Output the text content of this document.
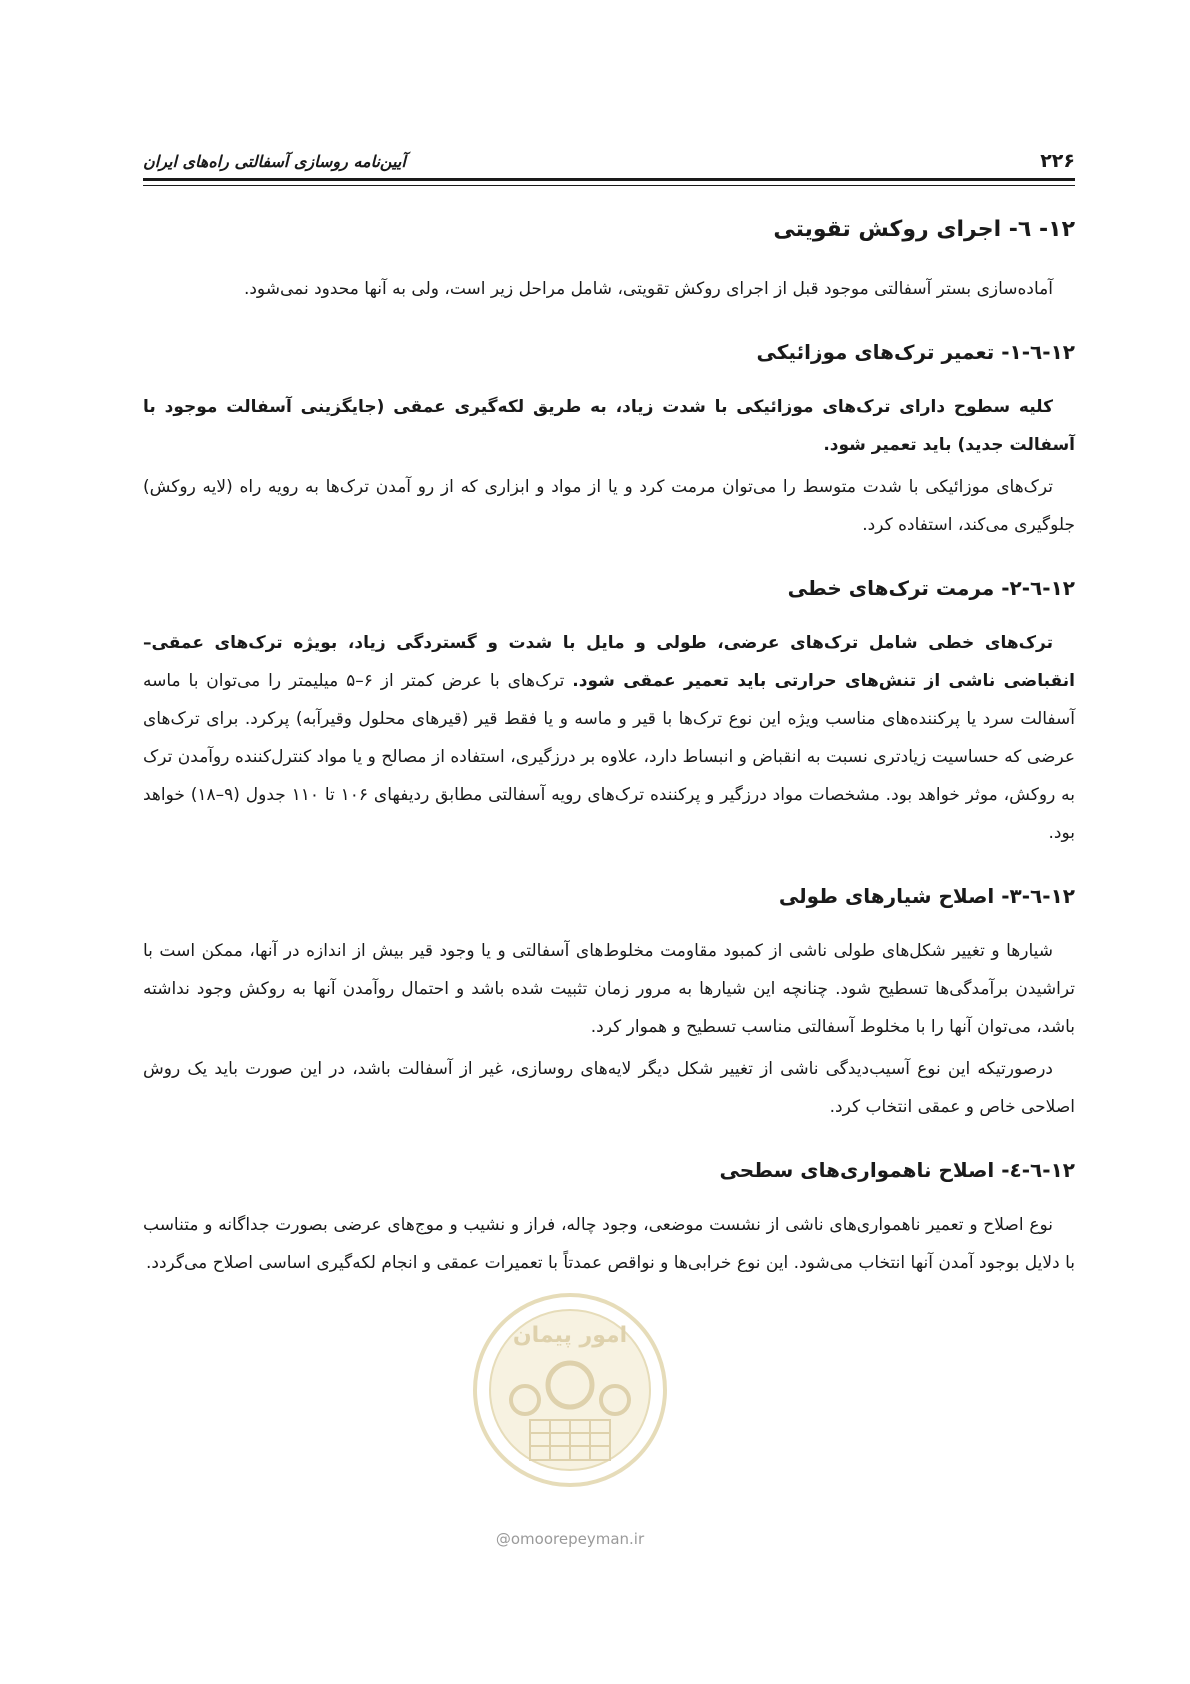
۲۲۶
آیین‌نامه روسازی آسفالتی راه‌های ایران
۱۲- ٦- اجرای روکش تقویتی

آماده‌سازی بستر آسفالتی موجود قبل از اجرای روکش تقویتی، شامل مراحل زیر است، ولی به آنها محدود نمی‌شود.

۱۲-٦-۱- تعمیر ترک‌های موزائیکی

کلیه سطوح دارای ترک‌های موزائیکی با شدت زیاد، به طریق لکه‌گیری عمقی (جایگزینی آسفالت موجود با آسفالت جدید) باید تعمیر شود.

ترک‌های موزائیکی با شدت متوسط را می‌توان مرمت کرد و یا از مواد و ابزاری که از رو آمدن ترک‌ها به رویه راه (لایه روکش) جلوگیری می‌کند، استفاده کرد.

۱۲-٦-۲- مرمت ترک‌های خطی

ترک‌های خطی شامل ترک‌های عرضی، طولی و مایل با شدت و گستردگی زیاد، بویژه ترک‌های عمقی– انقباضی ناشی از تنش‌های حرارتی باید تعمیر عمقی شود. ترک‌های با عرض کمتر از ۶–۵ میلیمتر را می‌توان با ماسه آسفالت سرد یا پرکننده‌های مناسب ویژه این نوع ترک‌ها با قیر و ماسه و یا فقط قیر (قیرهای محلول وقیرآبه) پرکرد. برای ترک‌های عرضی که حساسیت زیادتری نسبت به انقباض و انبساط دارد، علاوه بر درزگیری، استفاده از مصالح و یا مواد کنترل‌کننده روآمدن ترک به روکش، موثر خواهد بود. مشخصات مواد درزگیر و پرکننده ترک‌های رویه آسفالتی مطابق ردیفهای ۱۰۶ تا ۱۱۰ جدول (۹–۱۸) خواهد بود.

۱۲-٦-۳- اصلاح شیارهای طولی

شیارها و تغییر شکل‌های طولی ناشی از کمبود مقاومت مخلوط‌های آسفالتی و یا وجود قیر بیش از اندازه در آنها، ممکن است با تراشیدن برآمدگی‌ها تسطیح شود. چنانچه این شیارها به مرور زمان تثبیت شده باشد و احتمال روآمدن آنها به روکش وجود نداشته باشد، می‌توان آنها را با مخلوط آسفالتی مناسب تسطیح و هموار کرد.

درصورتیکه این نوع آسیب‌دیدگی ناشی از تغییر شکل دیگر لایه‌های روسازی، غیر از آسفالت باشد، در این صورت باید یک روش اصلاحی خاص و عمقی انتخاب کرد.

۱۲-٦-٤- اصلاح ناهمواری‌های سطحی

نوع اصلاح و تعمیر ناهمواری‌های ناشی از نشست موضعی، وجود چاله، فراز و نشیب و موج‌های عرضی بصورت جداگانه و متناسب با دلایل بوجود آمدن آنها انتخاب می‌شود. این نوع خرابی‌ها و نواقص عمدتاً با تعمیرات عمقی و انجام لکه‌گیری اساسی اصلاح می‌گردد.

امور پیمان
@omoorepeyman.ir
